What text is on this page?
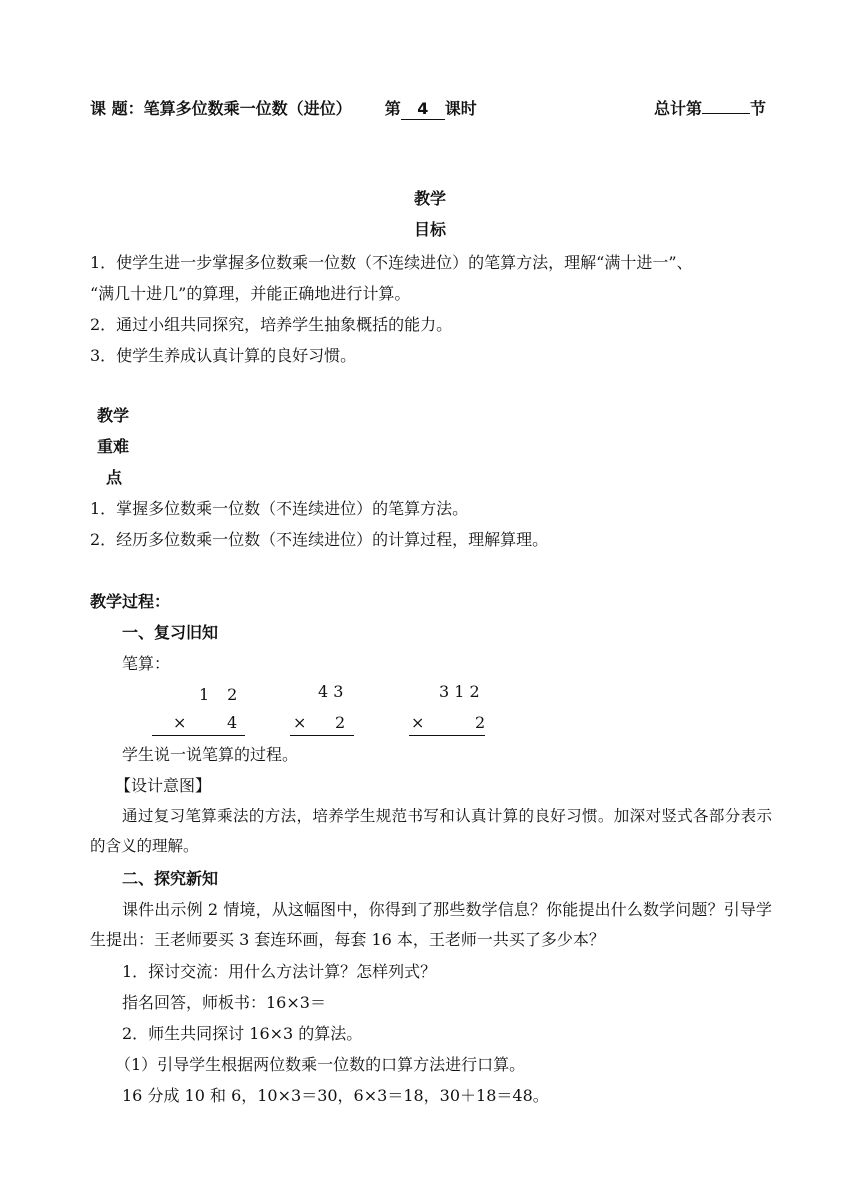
课 题：笔算多位数乘一位数（进位） 第 4 课时	总计第	节
教学
目标
1．使学生进一步掌握多位数乘一位数（不连续进位）的笔算方法，理解“满十进一”、
“满几十进几”的算理，并能正确地进行计算。
2．通过小组共同探究，培养学生抽象概括的能力。
3．使学生养成认真计算的良好习惯。
教学
重难
点
1．掌握多位数乘一位数（不连续进位）的笔算方法。
2．经历多位数乘一位数（不连续进位）的计算过程，理解算理。
教学过程：
一、复习旧知
笔算：
1　2
×	4
4 3
× 2
3 1 2
×	2
学生说一说笔算的过程。
【设计意图】
通过复习笔算乘法的方法，培养学生规范书写和认真计算的良好习惯。加深对竖式各部分表示的含义的理解。
二、探究新知
课件出示例 2 情境，从这幅图中，你得到了那些数学信息？你能提出什么数学问题？引导学生提出：王老师要买 3 套连环画，每套 16 本，王老师一共买了多少本？
1．探讨交流：用什么方法计算？怎样列式？
指名回答，师板书：16×3＝
2．师生共同探讨 16×3 的算法。
（1）引导学生根据两位数乘一位数的口算方法进行口算。
16 分成 10 和 6，10×3＝30，6×3＝18，30＋18＝48。
